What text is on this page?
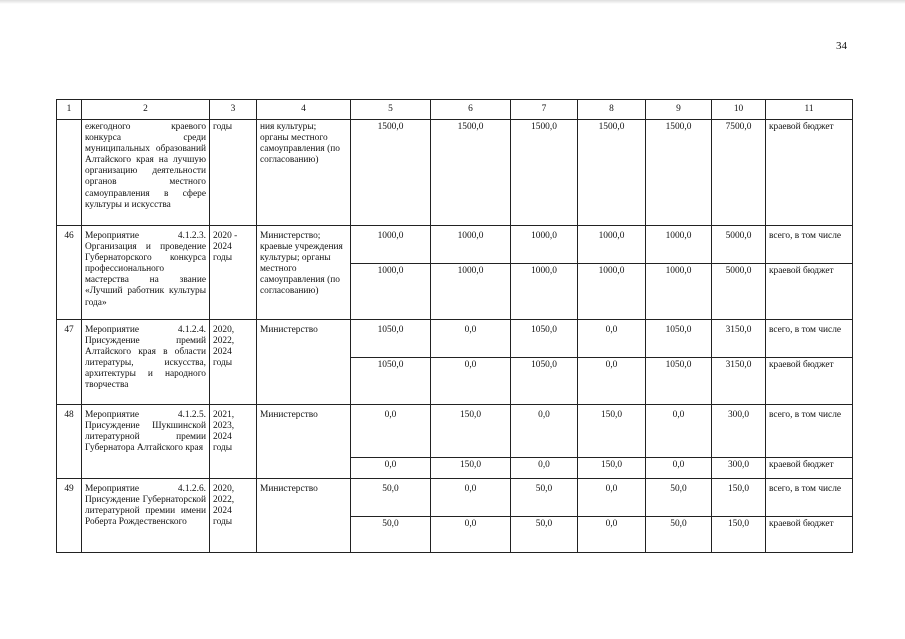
34
1	2	3	4	5	6	7	8	9	10	11
	ежегодного краевого конкурса среди муниципальных образований Алтайского края на лучшую организацию деятельности органов местного самоуправления в сфере культуры и искусства	годы	ния культуры; органы местного самоуправления (по согласованию)	1500,0	1500,0	1500,0	1500,0	1500,0	7500,0	краевой бюджет
46	Мероприятие 4.1.2.3. Организация и проведение Губернаторского конкурса профессионального мастерства на звание «Лучший работник культуры года»	2020 - 2024 годы	Министерство; краевые учреждения культуры; органы местного самоуправления (по согласованию)	1000,0	1000,0	1000,0	1000,0	1000,0	5000,0	всего, в том числе
				1000,0	1000,0	1000,0	1000,0	1000,0	5000,0	краевой бюджет
47	Мероприятие 4.1.2.4. Присуждение премий Алтайского края в области литературы, искусства, архитектуры и народного творчества	2020, 2022, 2024 годы	Министерство	1050,0	0,0	1050,0	0,0	1050,0	3150,0	всего, в том числе
				1050,0	0,0	1050,0	0,0	1050,0	3150,0	краевой бюджет
48	Мероприятие 4.1.2.5. Присуждение Шукшинской литературной премии Губернатора Алтайского края	2021, 2023, 2024 годы	Министерство	0,0	150,0	0,0	150,0	0,0	300,0	всего, в том числе
				0,0	150,0	0,0	150,0	0,0	300,0	краевой бюджет
49	Мероприятие 4.1.2.6. Присуждение Губернаторской литературной премии имени Роберта Рождественского	2020, 2022, 2024 годы	Министерство	50,0	0,0	50,0	0,0	50,0	150,0	всего, в том числе
				50,0	0,0	50,0	0,0	50,0	150,0	краевой бюджет
